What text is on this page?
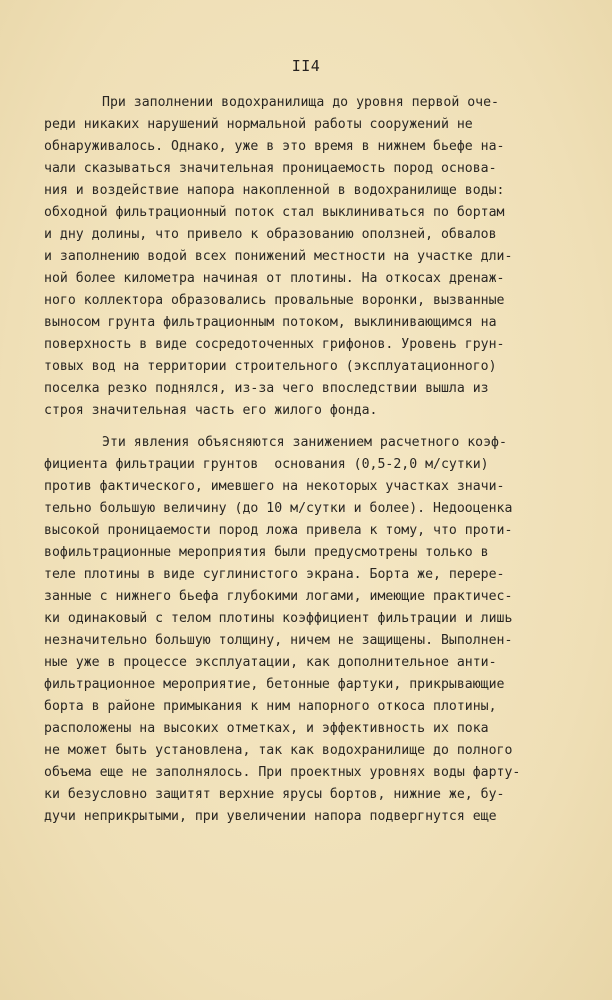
II4
При заполнении водохранилища до уровня первой оче-
реди никаких нарушений нормальной работы сооружений не
обнаруживалось. Однако, уже в это время в нижнем бьефе на-
чали сказываться значительная проницаемость пород основа-
ния и воздействие напора накопленной в водохранилище воды:
обходной фильтрационный поток стал выклиниваться по бортам
и дну долины, что привело к образованию оползней, обвалов
и заполнению водой всех понижений местности на участке дли-
ной более километра начиная от плотины. На откосах дренаж-
ного коллектора образовались провальные воронки, вызванные
выносом грунта фильтрационным потоком, выклинивающимся на
поверхность в виде сосредоточенных грифонов. Уровень грун-
товых вод на территории строительного (эксплуатационного)
поселка резко поднялся, из-за чего впоследствии вышла из
строя значительная часть его жилого фонда.
Эти явления объясняются занижением расчетного коэф-
фициента фильтрации грунтов  основания (0,5-2,0 м/сутки)
против фактического, имевшего на некоторых участках значи-
тельно большую величину (до 10 м/сутки и более). Недооценка
высокой проницаемости пород ложа привела к тому, что проти-
вофильтрационные мероприятия были предусмотрены только в
теле плотины в виде суглинистого экрана. Борта же, перере-
занные с нижнего бьефа глубокими логами, имеющие практичес-
ки одинаковый с телом плотины коэффициент фильтрации и лишь
незначительно большую толщину, ничем не защищены. Выполнен-
ные уже в процессе эксплуатации, как дополнительное анти-
фильтрационное мероприятие, бетонные фартуки, прикрывающие
борта в районе примыкания к ним напорного откоса плотины,
расположены на высоких отметках, и эффективность их пока
не может быть установлена, так как водохранилище до полного
объема еще не заполнялось. При проектных уровнях воды фарту-
ки безусловно защитят верхние ярусы бортов, нижние же, бу-
дучи неприкрытыми, при увеличении напора подвергнутся еще
